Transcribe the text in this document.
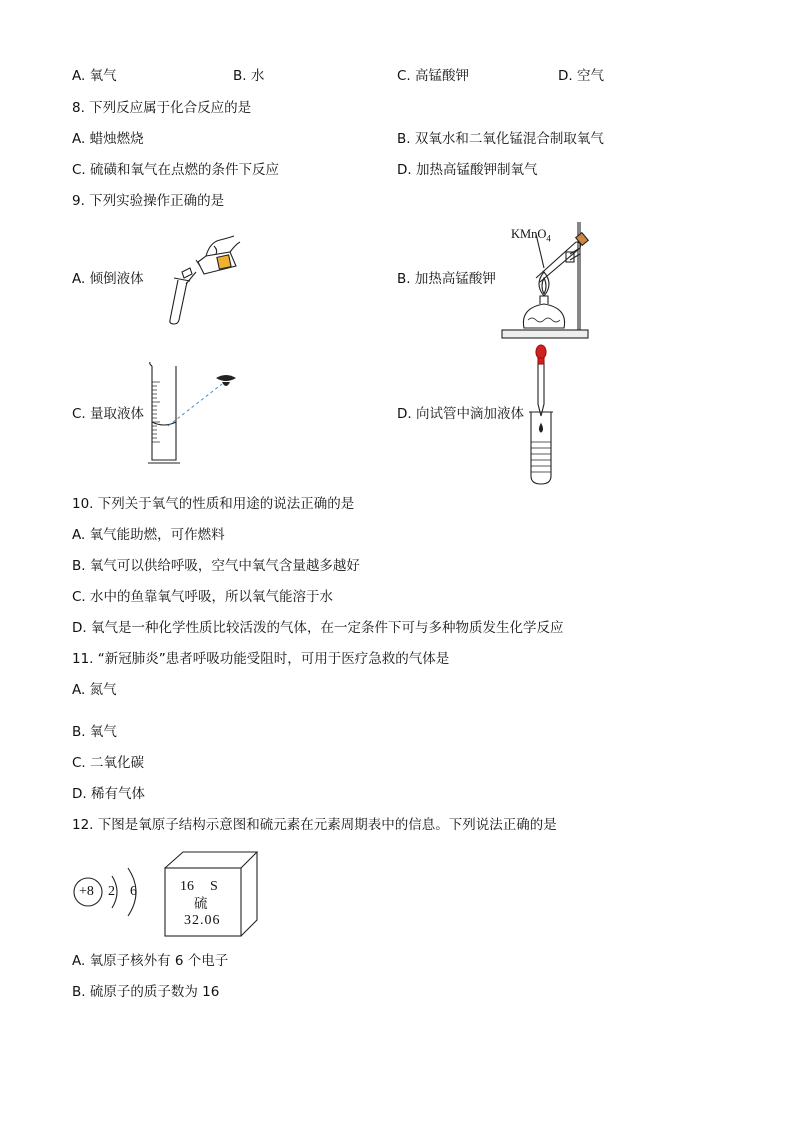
A. 氧气	B. 水	C. 高锰酸钾	D. 空气
8. 下列反应属于化合反应的是
A. 蜡烛燃烧	B. 双氧水和二氧化锰混合制取氧气
C. 硫磺和氧气在点燃的条件下反应	D. 加热高锰酸钾制氧气
9. 下列实验操作正确的是
A. 倾倒液体	B. 加热高锰酸钾
C. 量取液体	D. 向试管中滴加液体
KMnO$_4$
10. 下列关于氧气的性质和用途的说法正确的是
A. 氧气能助燃，可作燃料
B. 氧气可以供给呼吸，空气中氧气含量越多越好
C. 水中的鱼靠氧气呼吸，所以氧气能溶于水
D. 氧气是一种化学性质比较活泼的气体，在一定条件下可与多种物质发生化学反应
11. “新冠肺炎”患者呼吸功能受阻时，可用于医疗急救的气体是
A. 氮气
B. 氧气
C. 二氧化碳
D. 稀有气体
12. 下图是氧原子结构示意图和硫元素在元素周期表中的信息。下列说法正确的是
+8 2 6	16 S
硫
32.06
A. 氧原子核外有 6 个电子
B. 硫原子的质子数为 16
